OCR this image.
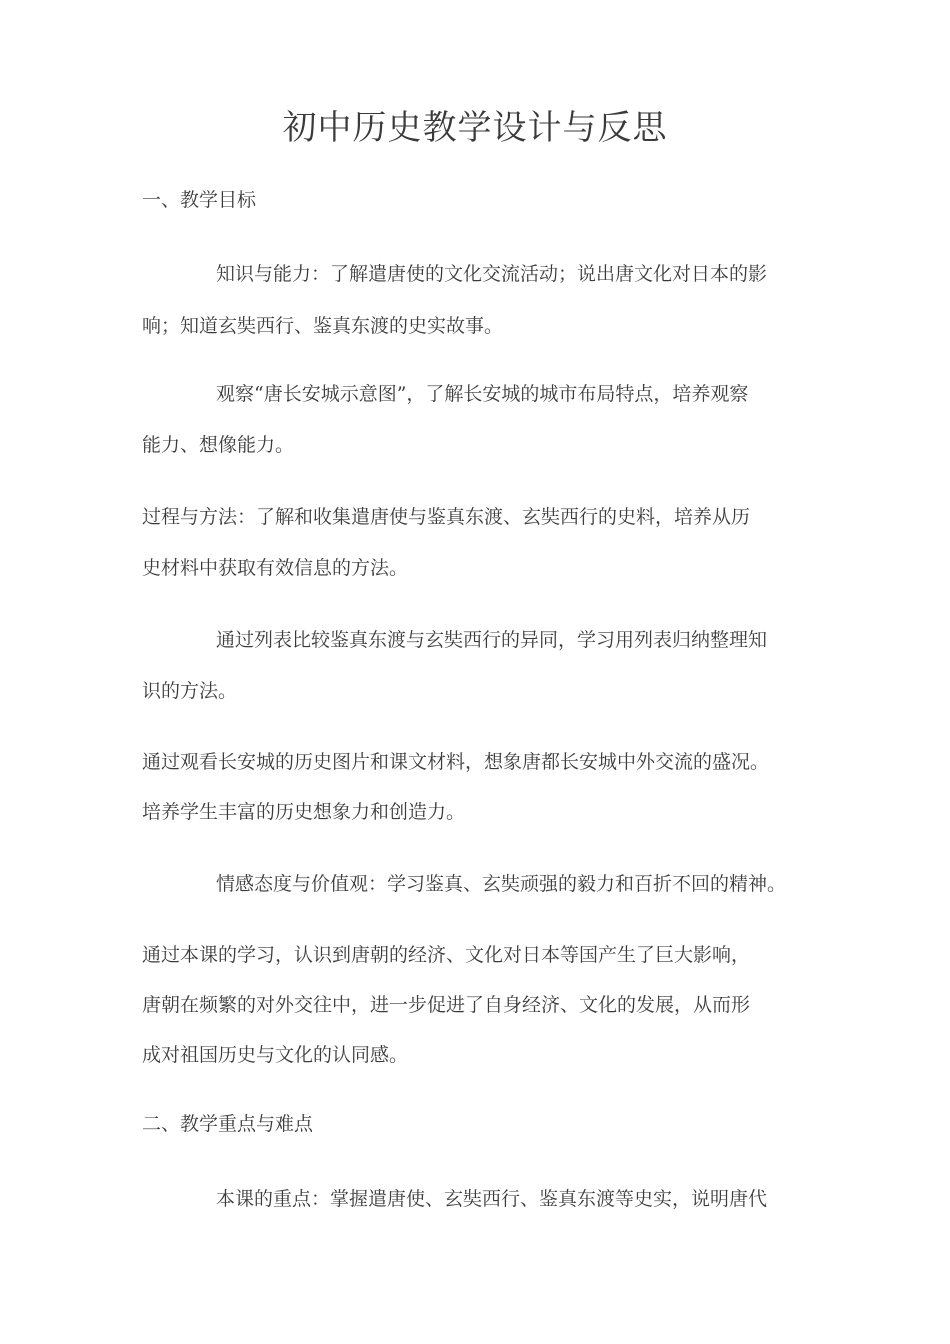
初中历史教学设计与反思
一、教学目标
知识与能力：了解遣唐使的文化交流活动；说出唐文化对日本的影
响；知道玄奘西行、鉴真东渡的史实故事。
观察“唐长安城示意图”，了解长安城的城市布局特点，培养观察
能力、想像能力。
过程与方法：了解和收集遣唐使与鉴真东渡、玄奘西行的史料，培养从历
史材料中获取有效信息的方法。
通过列表比较鉴真东渡与玄奘西行的异同，学习用列表归纳整理知
识的方法。
通过观看长安城的历史图片和课文材料，想象唐都长安城中外交流的盛况。
培养学生丰富的历史想象力和创造力。
情感态度与价值观：学习鉴真、玄奘顽强的毅力和百折不回的精神。
通过本课的学习，认识到唐朝的经济、文化对日本等国产生了巨大影响，
唐朝在频繁的对外交往中，进一步促进了自身经济、文化的发展，从而形
成对祖国历史与文化的认同感。
二、教学重点与难点
本课的重点：掌握遣唐使、玄奘西行、鉴真东渡等史实，说明唐代
